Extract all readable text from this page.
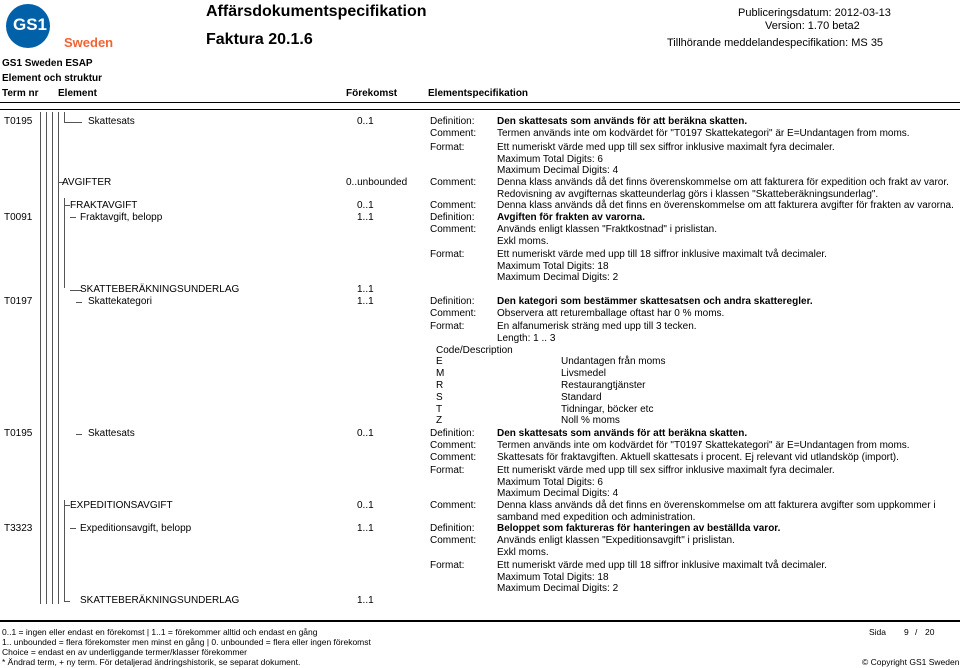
GS1
Sweden
Affärsdokumentspecifikation
Faktura 20.1.6
Publiceringsdatum: 2012-03-13
Version: 1.70 beta2
Tillhörande meddelandespecifikation: MS 35
GS1 Sweden ESAP
Element och struktur
Term nr Element	Förekomst	Elementspecifikation
T0195	Skattesats	0..1	Definition: Den skattesats som används för att beräkna skatten.
Comment: Termen används inte om kodvärdet för "T0197 Skattekategori" är E=Undantagen from moms.
Format:	Ett numeriskt värde med upp till sex siffror inklusive maximalt fyra decimaler.
Maximum Total Digits: 6
Maximum Decimal Digits: 4
AVGIFTER	0..unbounded Comment: Denna klass används då det finns överenskommelse om att fakturera för expedition och frakt av varor.
Redovisning av avgifternas skatteunderlag görs i klassen "Skatteberäkningsunderlag".
FRAKTAVGIFT	0..1	Comment: Denna klass används då det finns en överenskommelse om att fakturera avgifter för frakten av varorna.
T0091	Fraktavgift, belopp	1..1	Definition: Avgiften för frakten av varorna.
Comment: Används enligt klassen "Fraktkostnad" i prislistan.
Exkl moms.
Format:	Ett numeriskt värde med upp till 18 siffror inklusive maximalt två decimaler.
Maximum Total Digits: 18
Maximum Decimal Digits: 2
SKATTEBERÄKNINGSUNDERLAG	1..1
T0197	Skattekategori	1..1	Definition: Den kategori som bestämmer skattesatsen och andra skatteregler.
Comment: Observera att returemballage oftast har 0 % moms.
Format:	En alfanumerisk sträng med upp till 3 tecken.
Length: 1 .. 3
Code/Description
E	Undantagen från moms
M	Livsmedel
R	Restaurangtjänster
S	Standard
T	Tidningar, böcker etc
Z	Noll % moms
T0195	Skattesats	0..1	Definition: Den skattesats som används för att beräkna skatten.
Comment: Termen används inte om kodvärdet för "T0197 Skattekategori" är E=Undantagen from moms.
Comment: Skattesats för fraktavgiften. Aktuell skattesats i procent. Ej relevant vid utlandsköp (import).
Format:	Ett numeriskt värde med upp till sex siffror inklusive maximalt fyra decimaler.
Maximum Total Digits: 6
Maximum Decimal Digits: 4
EXPEDITIONSAVGIFT	0..1	Comment: Denna klass används då det finns en överenskommelse om att fakturera avgifter som uppkommer i
samband med expedition och administration.
T3323	Expeditionsavgift, belopp	1..1	Definition: Beloppet som faktureras för hanteringen av beställda varor.
Comment: Används enligt klassen "Expeditionsavgift" i prislistan.
Exkl moms.
Format:	Ett numeriskt värde med upp till 18 siffror inklusive maximalt två decimaler.
Maximum Total Digits: 18
Maximum Decimal Digits: 2
SKATTEBERÄKNINGSUNDERLAG	1..1
0..1 = ingen eller endast en förekomst | 1..1 = förekommer alltid och endast en gång
1.. unbounded = flera förekomster men minst en gång | 0. unbounded = flera eller ingen förekomst
Choice = endast en av underliggande termer/klasser förekommer
* Ändrad term, + ny term. För detaljerad ändringshistorik, se separat dokument.
Sida 9 / 20
© Copyright GS1 Sweden
